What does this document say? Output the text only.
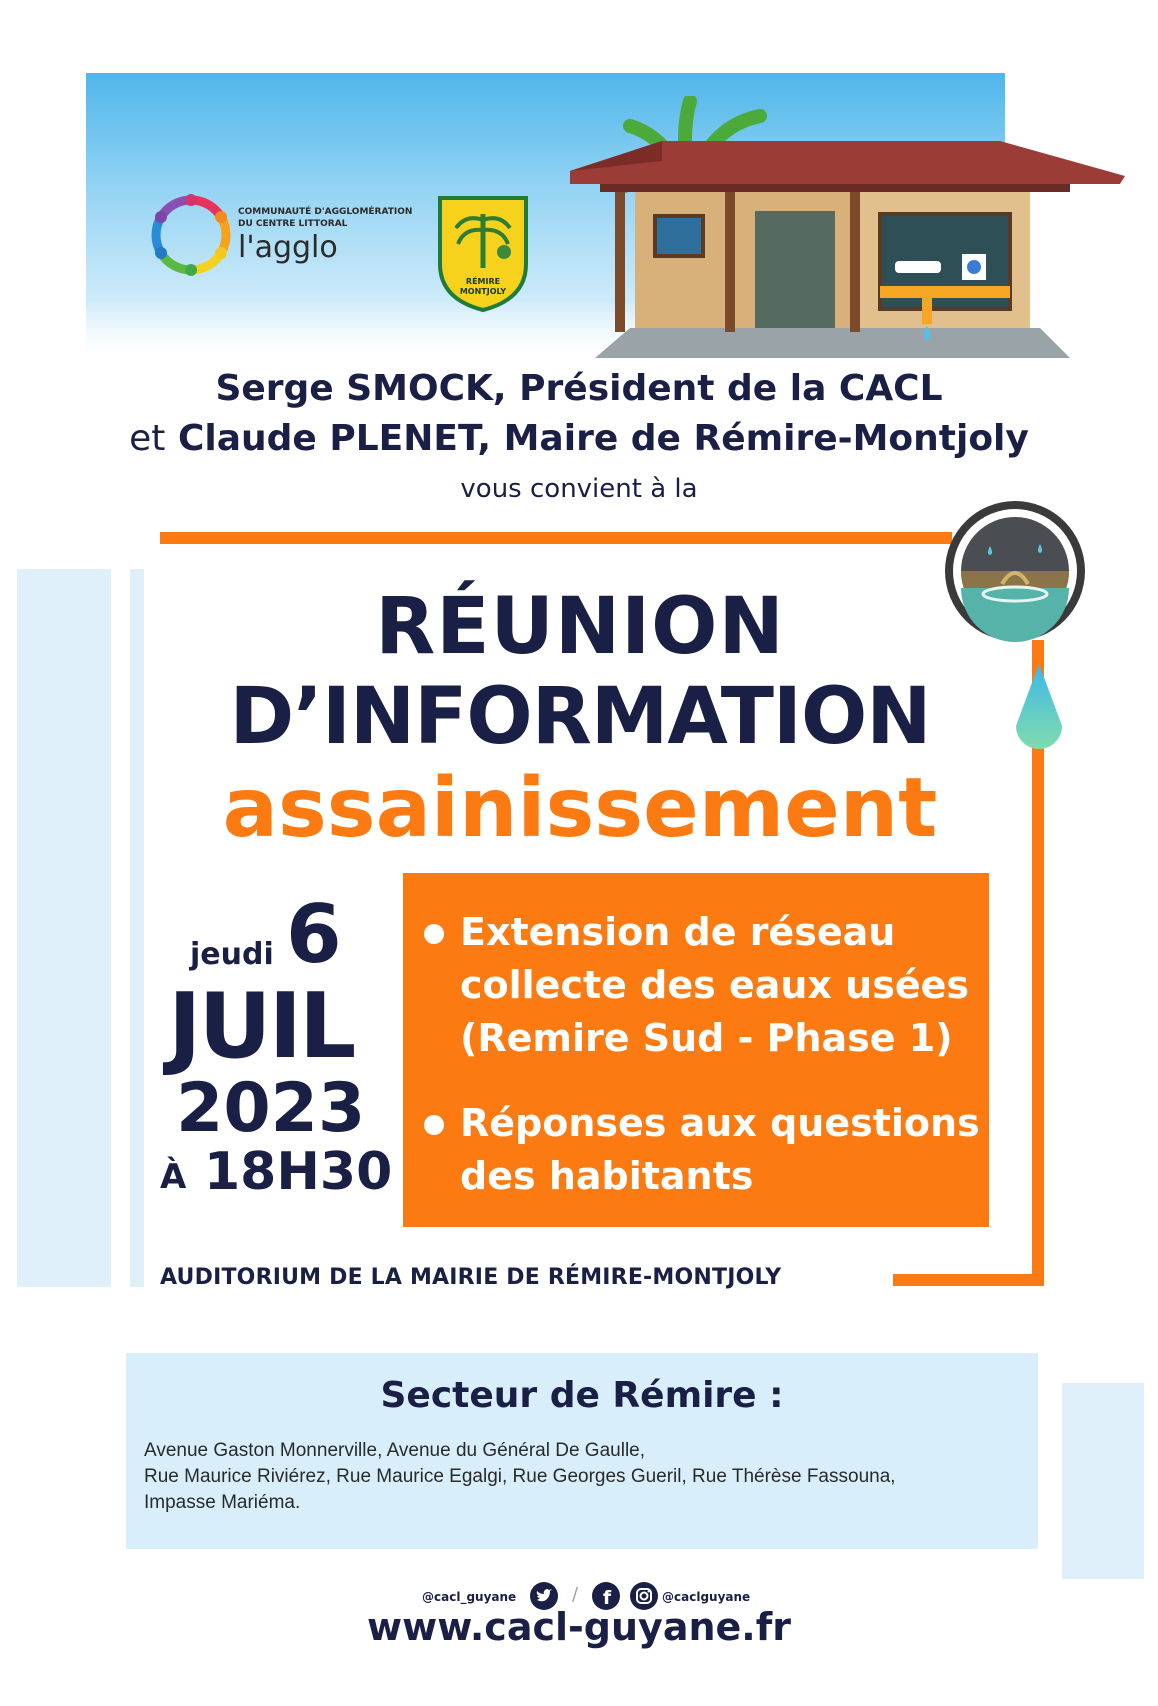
COMMUNAUTÉ D'AGGLOMÉRATION
DU CENTRE LITTORAL
l'agglo
RÉMIRE
MONTJOLY
Serge SMOCK, Président de la CACL
et Claude PLENET, Maire de Rémire-Montjoly
vous convient à la
RÉUNION
D’INFORMATION
assainissement
jeudi 6
JUIL
2023
À 18H30
Extension de réseau
collecte des eaux usées
(Remire Sud - Phase 1)
Réponses aux questions
des habitants
AUDITORIUM DE LA MAIRIE DE RÉMIRE-MONTJOLY
Secteur de Rémire :
Avenue Gaston Monnerville, Avenue du Général De Gaulle,
Rue Maurice Riviérez, Rue Maurice Egalgi, Rue Georges Gueril, Rue Thérèse Fassouna,
Impasse Mariéma.
@cacl_guyane	/ f	@caclguyane
www.cacl-guyane.fr
